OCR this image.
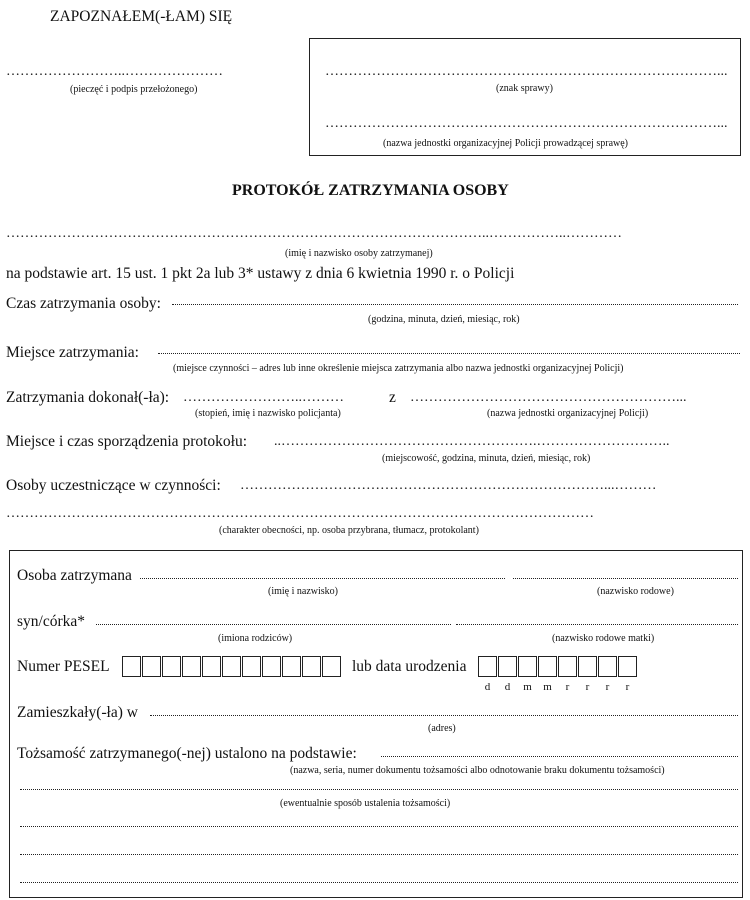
ZAPOZNAŁEM(-ŁAM) SIĘ
……………………..…………………
(pieczęć i podpis przełożonego)
…………………………………………………………………………...
(znak sprawy)
…………………………………………………………………………...
(nazwa jednostki organizacyjnej Policji prowadzącej sprawę)
PROTOKÓŁ ZATRZYMANIA OSOBY
…………………………………………………………………………………………..……………..…………
(imię i nazwisko osoby zatrzymanej)
na podstawie art. 15 ust. 1 pkt 2a lub 3* ustawy z dnia 6 kwietnia 1990 r. o Policji
Czas zatrzymania osoby:
(godzina, minuta, dzień, miesiąc, rok)
Miejsce zatrzymania:
(miejsce czynności – adres lub inne określenie miejsca zatrzymania albo nazwa jednostki organizacyjnej Policji)
Zatrzymania dokonał(-ła): ……………………..………	z …………………………………………………...
(stopień, imię i nazwisko policjanta)	(nazwa jednostki organizacyjnej Policji)
Miejsce i czas sporządzenia protokołu: ..……………………………………………….………………………..
(miejscowość, godzina, minuta, dzień, miesiąc, rok)
Osoby uczestniczące w czynności: ……………………………………………………………………...………
………………………………………………………………………………………………………………
(charakter obecności, np. osoba przybrana, tłumacz, protokolant)
Osoba zatrzymana
(imię i nazwisko)	(nazwisko rodowe)
syn/córka*
(imiona rodziców)	(nazwisko rodowe matki)
Numer PESEL	lub data urodzenia
d	d	m	m	r	r	r	r
Zamieszkały(-ła) w
(adres)
Tożsamość zatrzymanego(-nej) ustalono na podstawie:
(nazwa, seria, numer dokumentu tożsamości albo odnotowanie braku dokumentu tożsamości)
(ewentualnie sposób ustalenia tożsamości)
